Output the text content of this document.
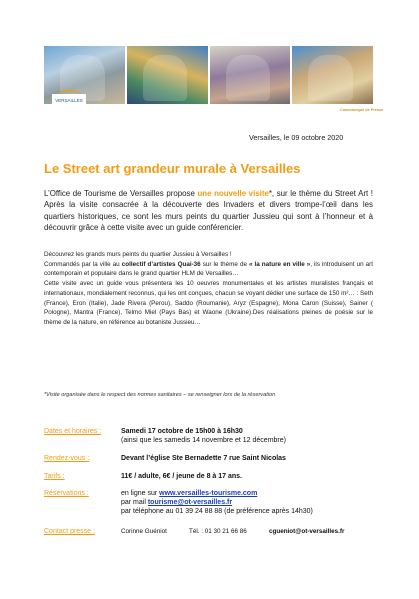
VERSAILLES
Communiqué de Presse
Versailles, le 09 octobre 2020
Le Street art grandeur murale à Versailles
L’Office de Tourisme de Versailles propose une nouvelle visite*, sur le thème du Street Art ! Après la visite consacrée à la découverte des Invaders et divers trompe-l’œil dans les quartiers historiques, ce sont les murs peints du quartier Jussieu qui sont à l’honneur et à découvrir grâce à cette visite avec un guide conférencier.
Découvrez les grands murs peints du quartier Jussieu à Versailles !
Commandés par la ville au collectif d’artistes Quai-36 sur le thème de « la nature en ville », ils introduisent un art contemporain et populaire dans le grand quartier HLM de Versailles…
Cette visite avec un guide vous présentera les 10 oeuvres monumentales et les artistes muralistes français et internationaux, mondialement reconnus, qui les ont conçues, chacun se voyant dédier une surface de 150 m²… : Seth (France), Eron (Italie), Jade Rivera (Perou), Saddo (Roumanie), Aryz (Espagne), Mona Caron (Suisse), Sainer ( Pologne), Mantra (France), Telmo Miel (Pays Bas) et Waone (Ukraine).Des réalisations pleines de poésie sur le thème de la nature, en référence au botaniste Jussieu…
*Visite organisée dans le respect des normes sanitaires – se renseigner lors de la réservation
Dates et horaires :	Samedi 17 octobre de 15h00 à 16h30
(ainsi que les samedis 14 novembre et 12 décembre)
Rendez-vous :	Devant l’église Ste Bernadette 7 rue Saint Nicolas
Tarifs :	11€ / adulte, 6€ / jeune de 8 à 17 ans.
Réservations :	en ligne sur www.versailles-tourisme.com
par mail tourisme@ot-versailles.fr
par téléphone au 01 39 24 88 88 (de préférence après 14h30)
Contact presse :	Corinne Guéniot	Tél. : 01 30 21 66 86	cgueniot@ot-versailles.fr
